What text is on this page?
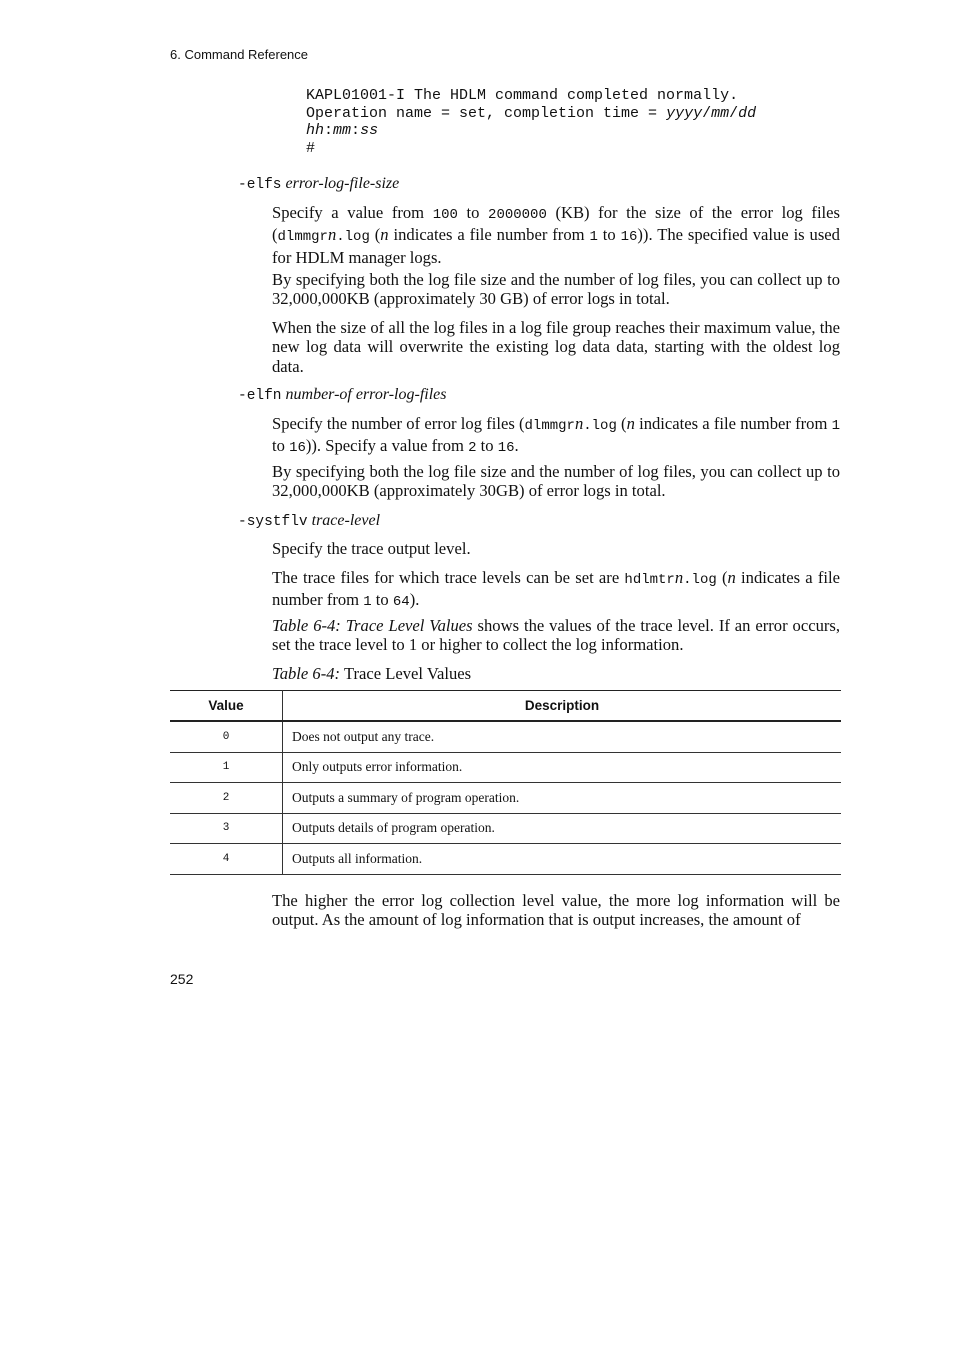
6. Command Reference
KAPL01001-I The HDLM command completed normally.
Operation name = set, completion time = yyyy/mm/dd
hh:mm:ss
#
-elfs error-log-file-size
Specify a value from 100 to 2000000 (KB) for the size of the error log files (dlmmgrn.log (n indicates a file number from 1 to 16)). The specified value is used for HDLM manager logs.
By specifying both the log file size and the number of log files, you can collect up to 32,000,000KB (approximately 30 GB) of error logs in total.
When the size of all the log files in a log file group reaches their maximum value, the new log data will overwrite the existing log data data, starting with the oldest log data.
-elfn number-of error-log-files
Specify the number of error log files (dlmmgrn.log (n indicates a file number from 1 to 16)). Specify a value from 2 to 16.
By specifying both the log file size and the number of log files, you can collect up to 32,000,000KB (approximately 30GB) of error logs in total.
-systflv trace-level
Specify the trace output level.
The trace files for which trace levels can be set are hdlmtrn.log (n indicates a file number from 1 to 64).
Table 6-4: Trace Level Values shows the values of the trace level. If an error occurs, set the trace level to 1 or higher to collect the log information.
Table 6-4: Trace Level Values
Value	Description
0	Does not output any trace.
1	Only outputs error information.
2	Outputs a summary of program operation.
3	Outputs details of program operation.
4	Outputs all information.
The higher the error log collection level value, the more log information will be output. As the amount of log information that is output increases, the amount of
252
